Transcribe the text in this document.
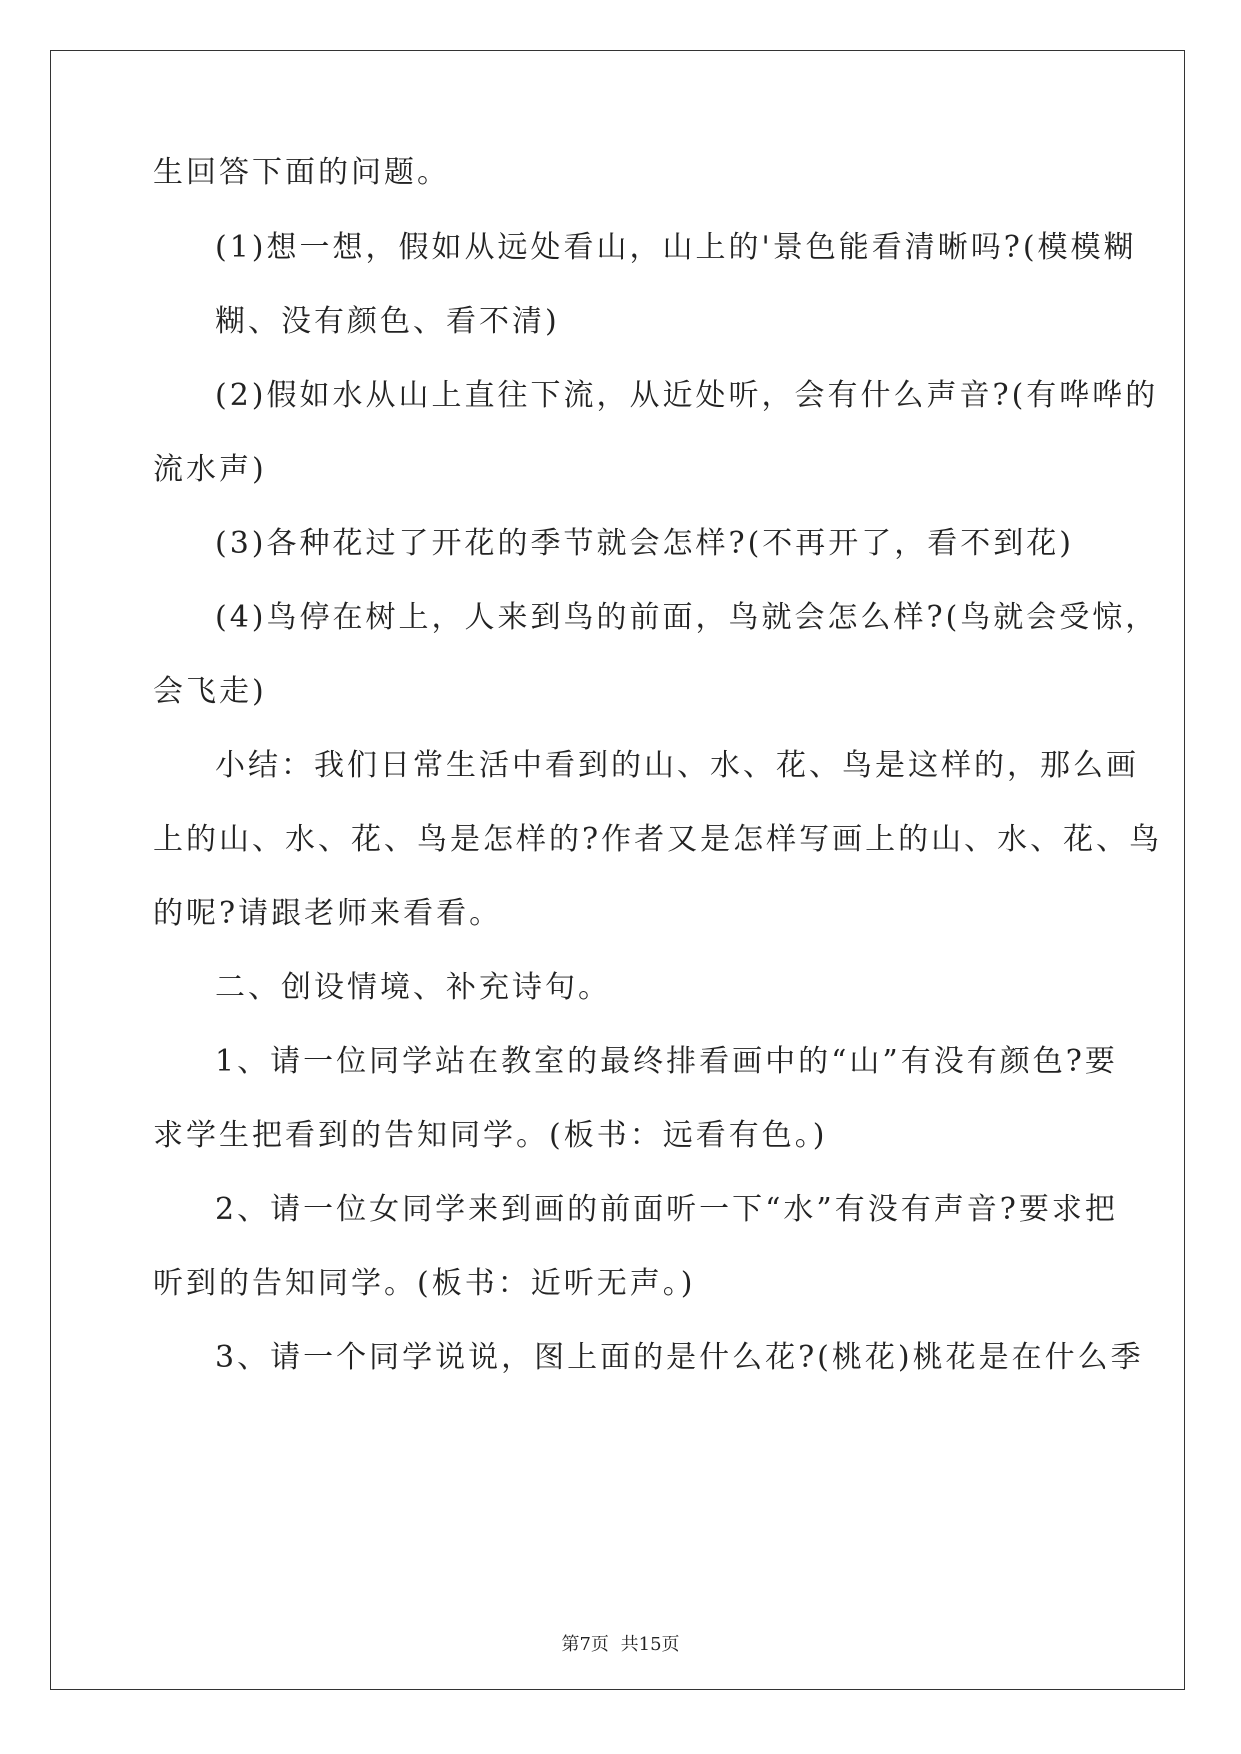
生回答下面的问题。
(1)想一想，假如从远处看山，山上的'景色能看清晰吗?(模模糊
糊、没有颜色、看不清)
(2)假如水从山上直往下流，从近处听，会有什么声音?(有哗哗的
流水声)
(3)各种花过了开花的季节就会怎样?(不再开了，看不到花)
(4)鸟停在树上，人来到鸟的前面，鸟就会怎么样?(鸟就会受惊，
会飞走)
小结：我们日常生活中看到的山、水、花、鸟是这样的，那么画
上的山、水、花、鸟是怎样的?作者又是怎样写画上的山、水、花、鸟
的呢?请跟老师来看看。
二、创设情境、补充诗句。
1、请一位同学站在教室的最终排看画中的“山”有没有颜色?要
求学生把看到的告知同学。(板书：远看有色。)
2、请一位女同学来到画的前面听一下“水”有没有声音?要求把
听到的告知同学。(板书：近听无声。)
3、请一个同学说说，图上面的是什么花?(桃花)桃花是在什么季
第7页 共15页
